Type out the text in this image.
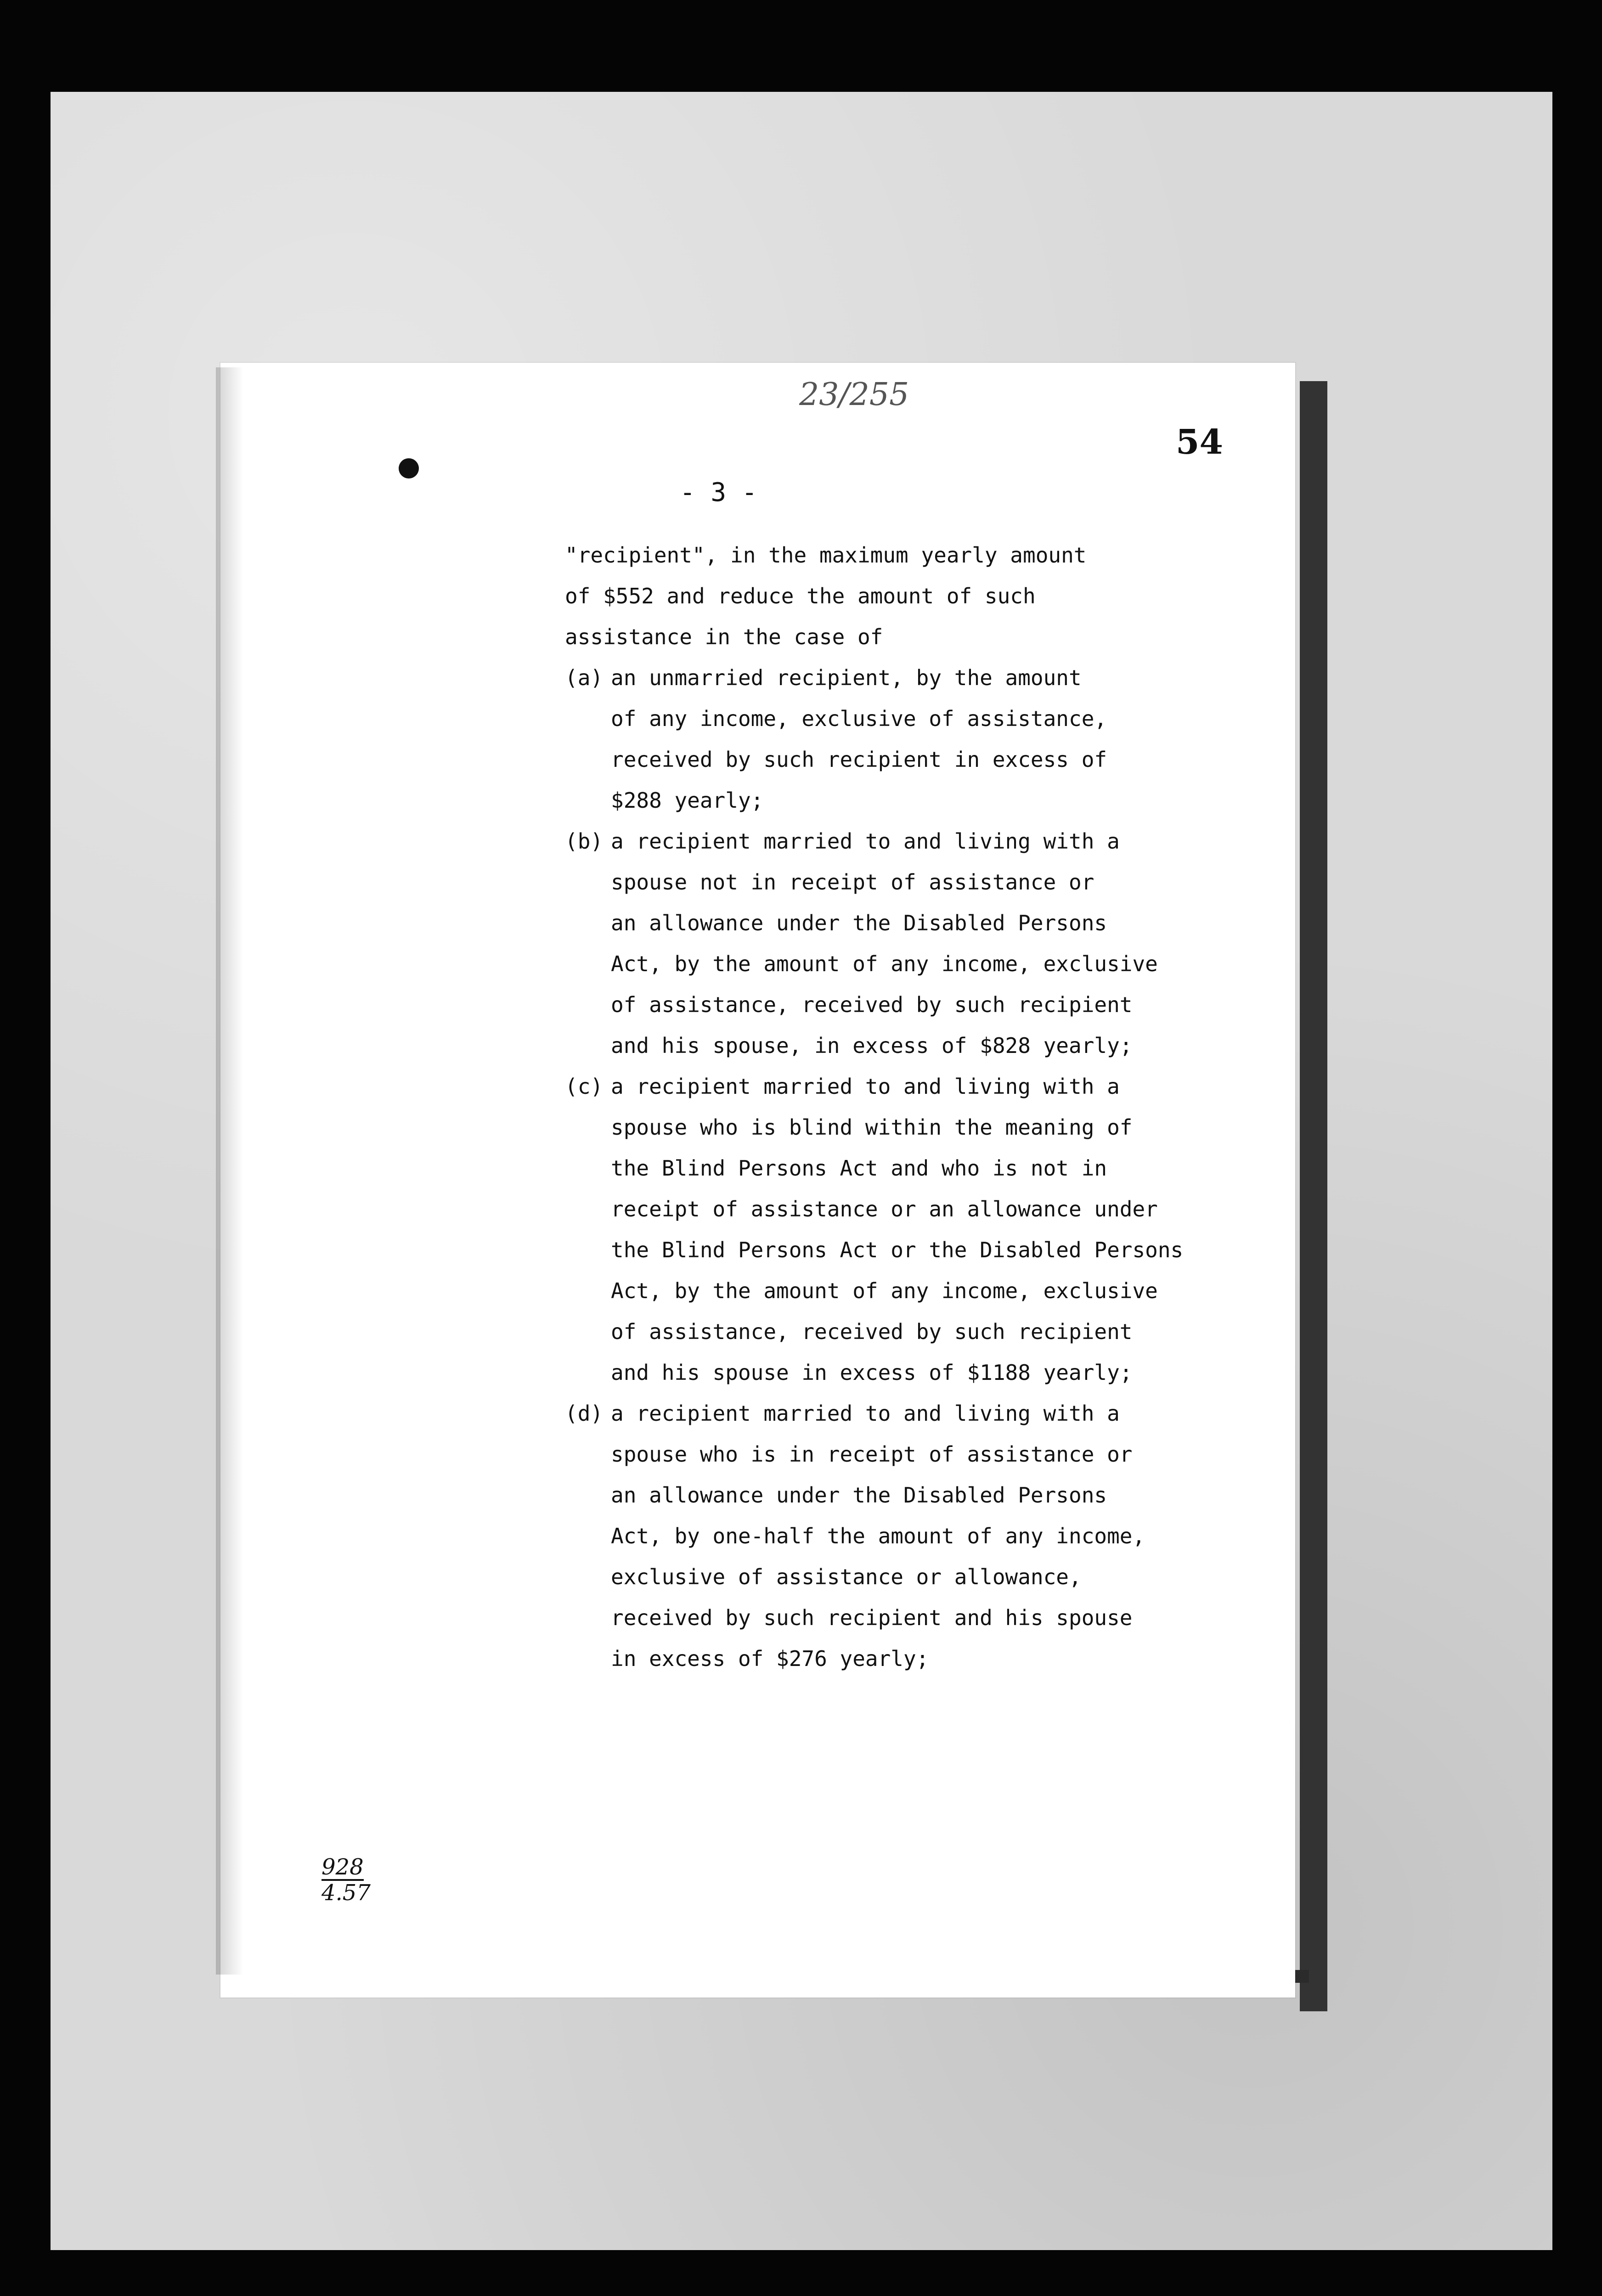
23/255
54
- 3 -
"recipient", in the maximum yearly amount
of $552 and reduce the amount of such
assistance in the case of
(a) an unmarried recipient, by the amount
of any income, exclusive of assistance,
received by such recipient in excess of
$288 yearly;
(b) a recipient married to and living with a
spouse not in receipt of assistance or
an allowance under the Disabled Persons
Act, by the amount of any income, exclusive
of assistance, received by such recipient
and his spouse, in excess of $828 yearly;
(c) a recipient married to and living with a
spouse who is blind within the meaning of
the Blind Persons Act and who is not in
receipt of assistance or an allowance under
the Blind Persons Act or the Disabled Persons
Act, by the amount of any income, exclusive
of assistance, received by such recipient
and his spouse in excess of $1188 yearly;
(d) a recipient married to and living with a
spouse who is in receipt of assistance or
an allowance under the Disabled Persons
Act, by one-half the amount of any income,
exclusive of assistance or allowance,
received by such recipient and his spouse
in excess of $276 yearly;
928
4.57
